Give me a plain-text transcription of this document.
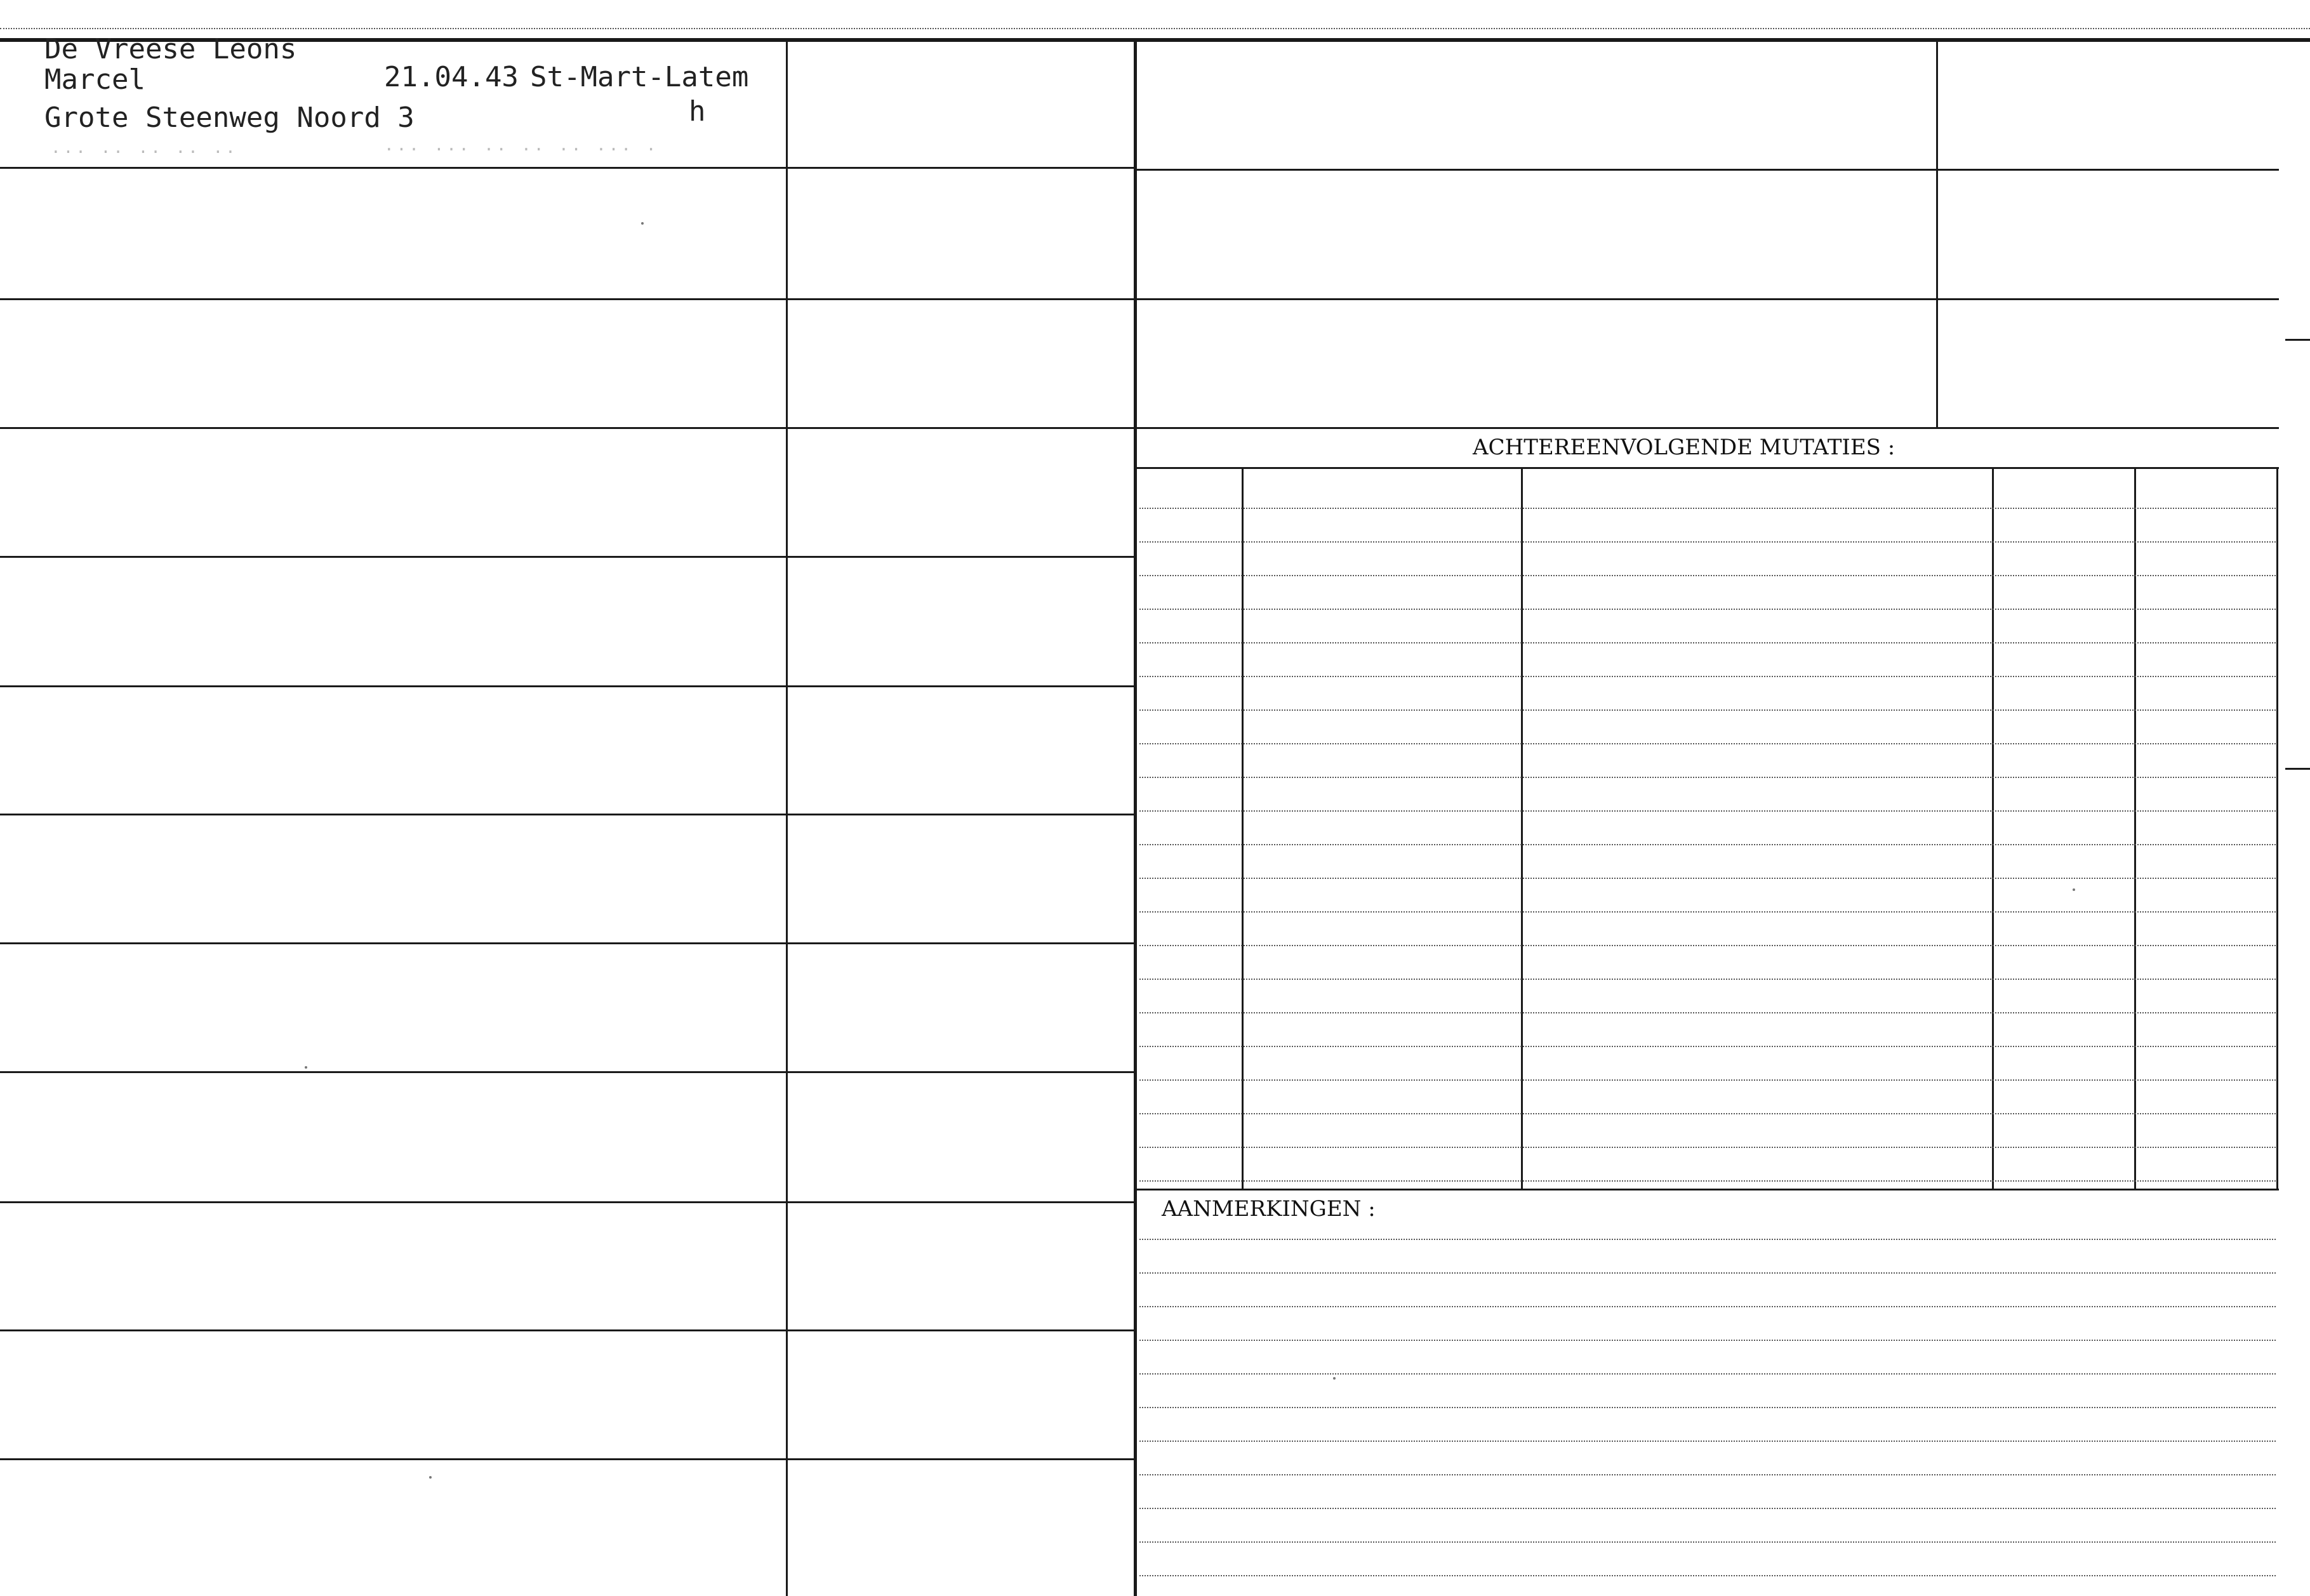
De Vreese Leons
Marcel	21.04.43 St-Mart-Latem
Grote Steenweg Noord 3	h
... .. .. .. ..	... ... .. .. .. ... .
ACHTEREENVOLGENDE MUTATIES :
AANMERKINGEN :
